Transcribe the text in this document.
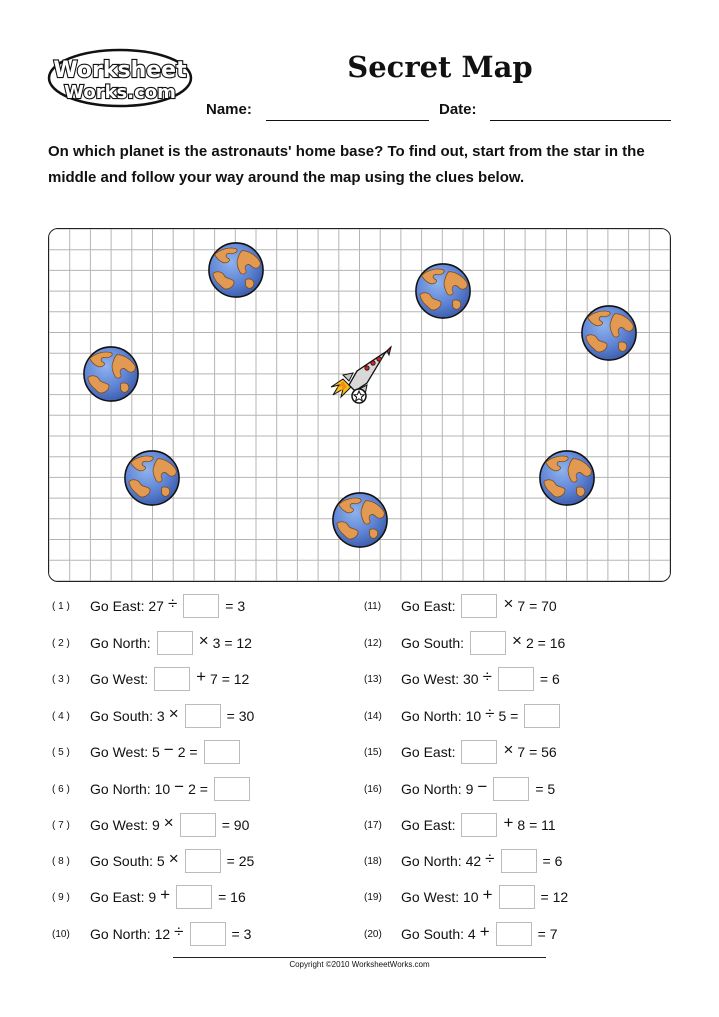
Worksheet
Works.com
Secret Map
Name:	Date:
On which planet is the astronauts' home base? To find out, start from the star in the middle and follow your way around the map using the clues below.
( 1 ) Go East: 27 ÷	= 3
( 2 ) Go North:	× 3 = 12
( 3 ) Go West:	+ 7 = 12
( 4 ) Go South: 3 ×	= 30
( 5 ) Go West: 5 − 2 =
( 6 ) Go North: 10 − 2 =
( 7 ) Go West: 9 ×	= 90
( 8 ) Go South: 5 ×	= 25
( 9 ) Go East: 9 +	= 16
(10) Go North: 12 ÷	= 3
(11) Go East:	× 7 = 70
(12) Go South:	× 2 = 16
(13) Go West: 30 ÷	= 6
(14) Go North: 10 ÷ 5 =
(15) Go East:	× 7 = 56
(16) Go North: 9 −	= 5
(17) Go East:	+ 8 = 11
(18) Go North: 42 ÷	= 6
(19) Go West: 10 +	= 12
(20) Go South: 4 +	= 7
Copyright ©2010 WorksheetWorks.com
